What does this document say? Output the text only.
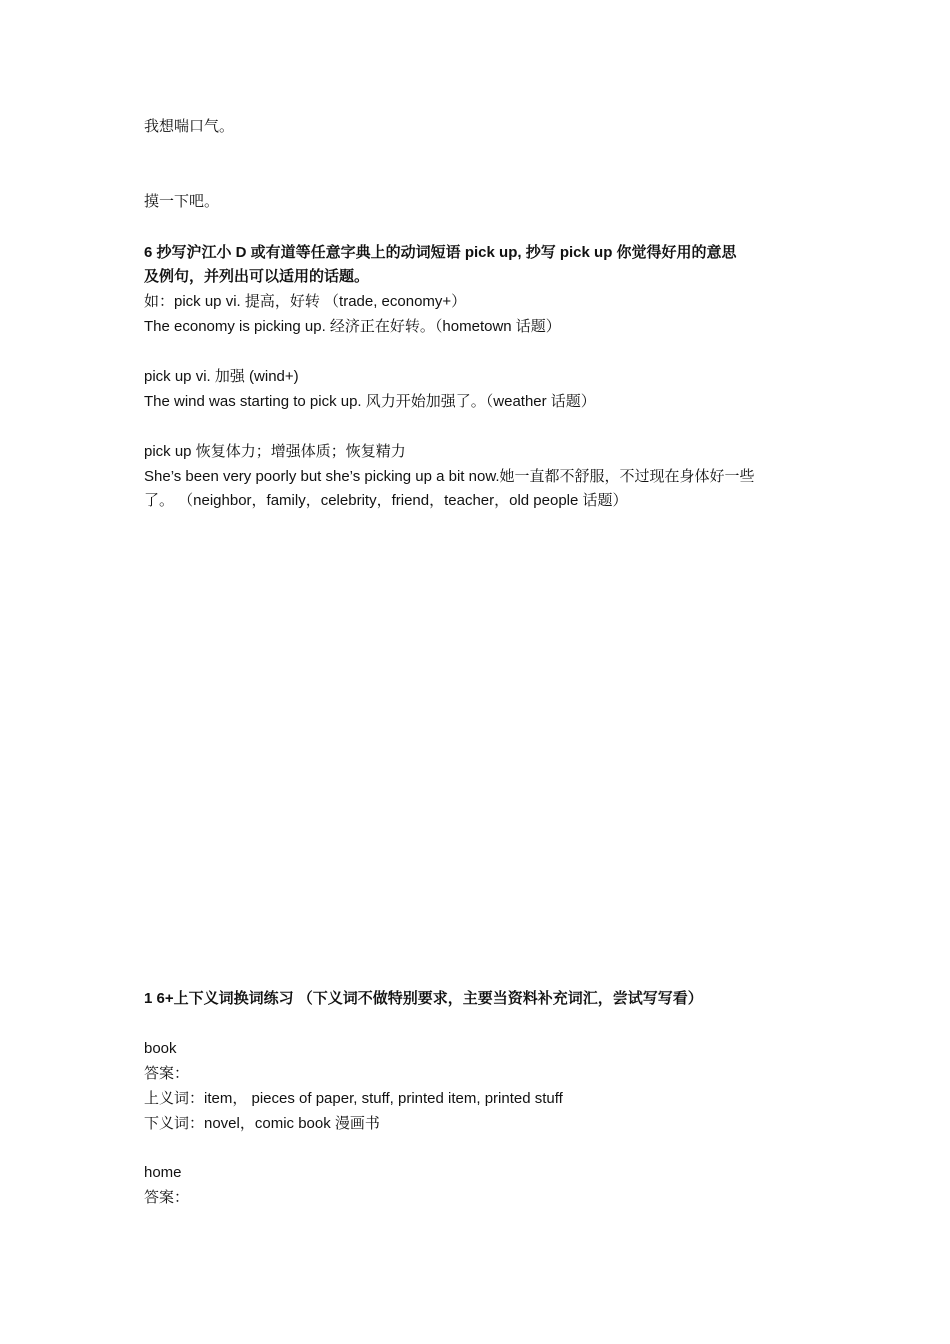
我想喘口气。
摸一下吧。
6 抄写沪江小 D 或有道等任意字典上的动词短语 pick up, 抄写 pick up 你觉得好用的意思
及例句，并列出可以适用的话题。
如：pick up vi. 提高，好转 （trade, economy+）
The economy is picking up. 经济正在好转。（hometown 话题）
pick up vi. 加强 (wind+)
The wind was starting to pick up. 风力开始加强了。（weather 话题）
pick up 恢复体力；增强体质；恢复精力
She’s been very poorly but she’s picking up a bit now.她一直都不舒服，不过现在身体好一些
了。 （neighbor，family，celebrity，friend，teacher，old people 话题）
1 6+上下义词换词练习 （下义词不做特别要求，主要当资料补充词汇，尝试写写看）
book
答案：
上义词：item， pieces of paper, stuff, printed item, printed stuff
下义词：novel，comic book 漫画书
home
答案：
